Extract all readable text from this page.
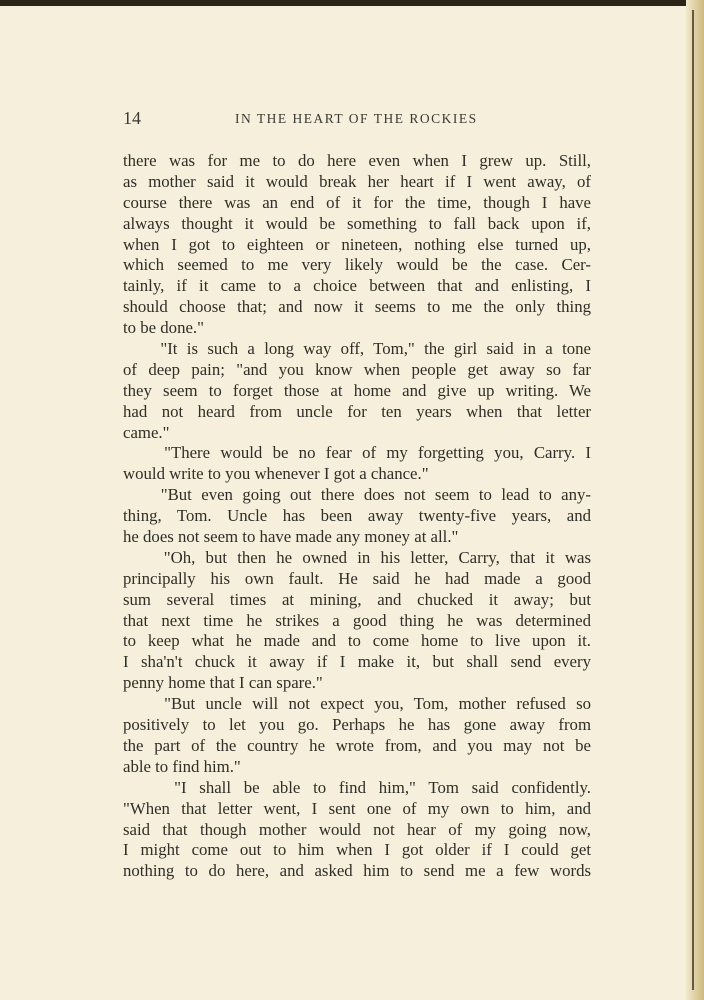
14	IN THE HEART OF THE ROCKIES
there was for me to do here even when I grew up. Still,
as mother said it would break her heart if I went away, of
course there was an end of it for the time, though I have
always thought it would be something to fall back upon if,
when I got to eighteen or nineteen, nothing else turned up,
which seemed to me very likely would be the case. Cer-
tainly, if it came to a choice between that and enlisting, I
should choose that; and now it seems to me the only thing
to be done."
"It is such a long way off, Tom," the girl said in a tone
of deep pain; "and you know when people get away so far
they seem to forget those at home and give up writing. We
had not heard from uncle for ten years when that letter
came."
"There would be no fear of my forgetting you, Carry. I
would write to you whenever I got a chance."
"But even going out there does not seem to lead to any-
thing, Tom. Uncle has been away twenty-five years, and
he does not seem to have made any money at all."
"Oh, but then he owned in his letter, Carry, that it was
principally his own fault. He said he had made a good
sum several times at mining, and chucked it away; but
that next time he strikes a good thing he was determined
to keep what he made and to come home to live upon it.
I sha'n't chuck it away if I make it, but shall send every
penny home that I can spare."
"But uncle will not expect you, Tom, mother refused so
positively to let you go. Perhaps he has gone away from
the part of the country he wrote from, and you may not be
able to find him."
"I shall be able to find him," Tom said confidently.
"When that letter went, I sent one of my own to him, and
said that though mother would not hear of my going now,
I might come out to him when I got older if I could get
nothing to do here, and asked him to send me a few words
